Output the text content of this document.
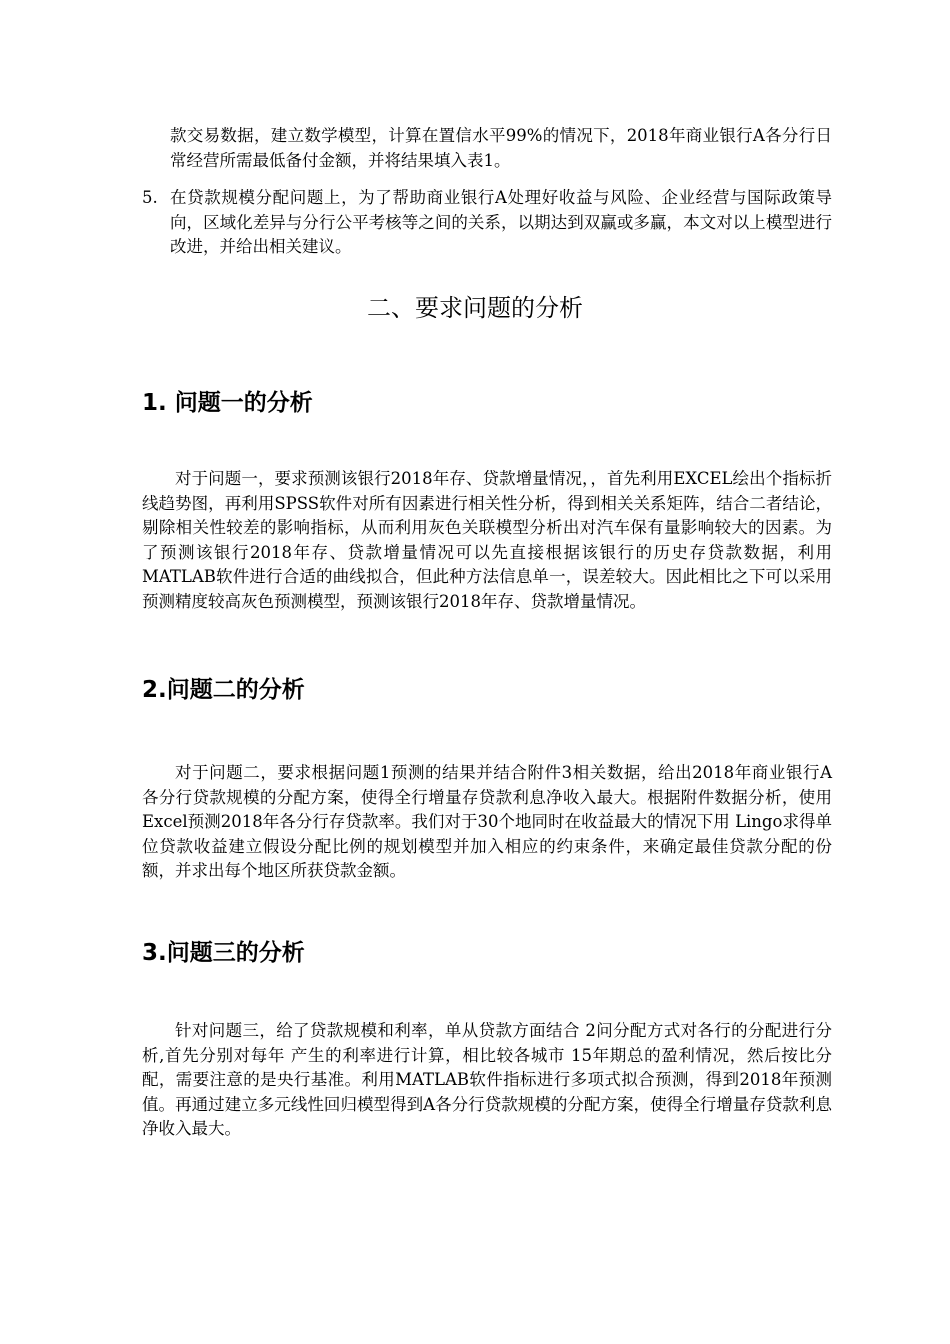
款交易数据，建立数学模型，计算在置信水平99%的情况下，2018年商业银行A各分行日常经营所需最低备付金额，并将结果填入表1。
5. 在贷款规模分配问题上，为了帮助商业银行A处理好收益与风险、企业经营与国际政策导向，区域化差异与分行公平考核等之间的关系，以期达到双赢或多赢，本文对以上模型进行改进，并给出相关建议。
二、要求问题的分析
1. 问题一的分析
对于问题一，要求预测该银行2018年存、贷款增量情况，，首先利用EXCEL绘出个指标折线趋势图，再利用SPSS软件对所有因素进行相关性分析，得到相关关系矩阵，结合二者结论，剔除相关性较差的影响指标，从而利用灰色关联模型分析出对汽车保有量影响较大的因素。为了预测该银行2018年存、贷款增量情况可以先直接根据该银行的历史存贷款数据，利用MATLAB软件进行合适的曲线拟合，但此种方法信息单一，误差较大。因此相比之下可以采用预测精度较高灰色预测模型，预测该银行2018年存、贷款增量情况。
2.问题二的分析
对于问题二，要求根据问题1预测的结果并结合附件3相关数据，给出2018年商业银行A 各分行贷款规模的分配方案，使得全行增量存贷款利息净收入最大。根据附件数据分析，使用Excel预测2018年各分行存贷款率。我们对于30个地同时在收益最大的情况下用 Lingo求得单位贷款收益建立假设分配比例的规划模型并加入相应的约束条件，来确定最佳贷款分配的份额，并求出每个地区所获贷款金额。
3.问题三的分析
针对问题三，给了贷款规模和利率，单从贷款方面结合 2问分配方式对各行的分配进行分析,首先分别对每年 产生的利率进行计算，相比较各城市 15年期总的盈利情况，然后按比分配，需要注意的是央行基准。利用MATLAB软件指标进行多项式拟合预测，得到2018年预测值。再通过建立多元线性回归模型得到A各分行贷款规模的分配方案，使得全行增量存贷款利息净收入最大。
